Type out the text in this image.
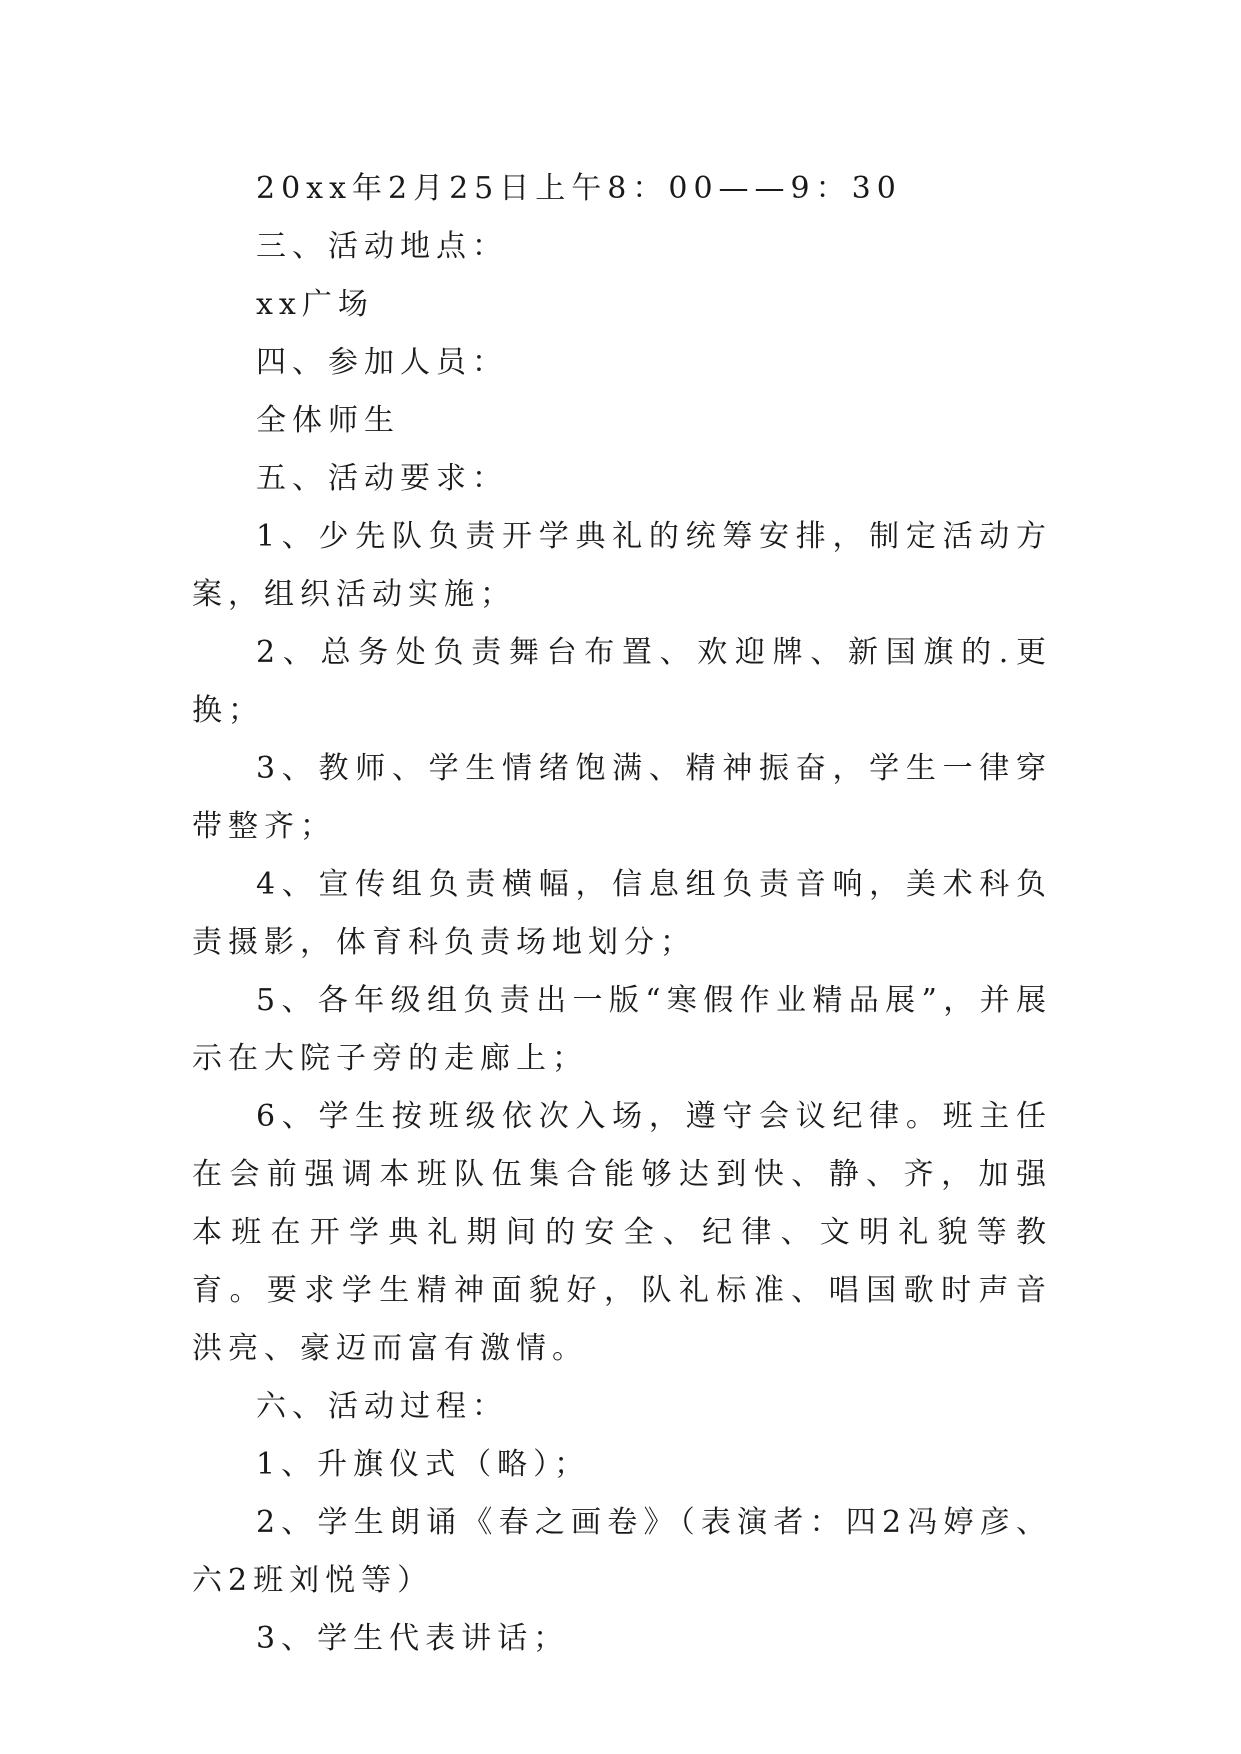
20xx年2月25日上午8：00——9：30

三、活动地点：

xx广场

四、参加人员：

全体师生

五、活动要求：

1、少先队负责开学典礼的统筹安排，制定活动方案，组织活动实施；

2、总务处负责舞台布置、欢迎牌、新国旗的.更换；

3、教师、学生情绪饱满、精神振奋，学生一律穿带整齐；

4、宣传组负责横幅，信息组负责音响，美术科负责摄影，体育科负责场地划分；

5、各年级组负责出一版“寒假作业精品展”，并展示在大院子旁的走廊上；

6、学生按班级依次入场，遵守会议纪律。班主任在会前强调本班队伍集合能够达到快、静、齐，加强本班在开学典礼期间的安全、纪律、文明礼貌等教育。要求学生精神面貌好，队礼标准、唱国歌时声音洪亮、豪迈而富有激情。

六、活动过程：

1、升旗仪式（略）；

2、学生朗诵《春之画卷》（表演者：四2冯婷彦、六2班刘悦等）

3、学生代表讲话；
